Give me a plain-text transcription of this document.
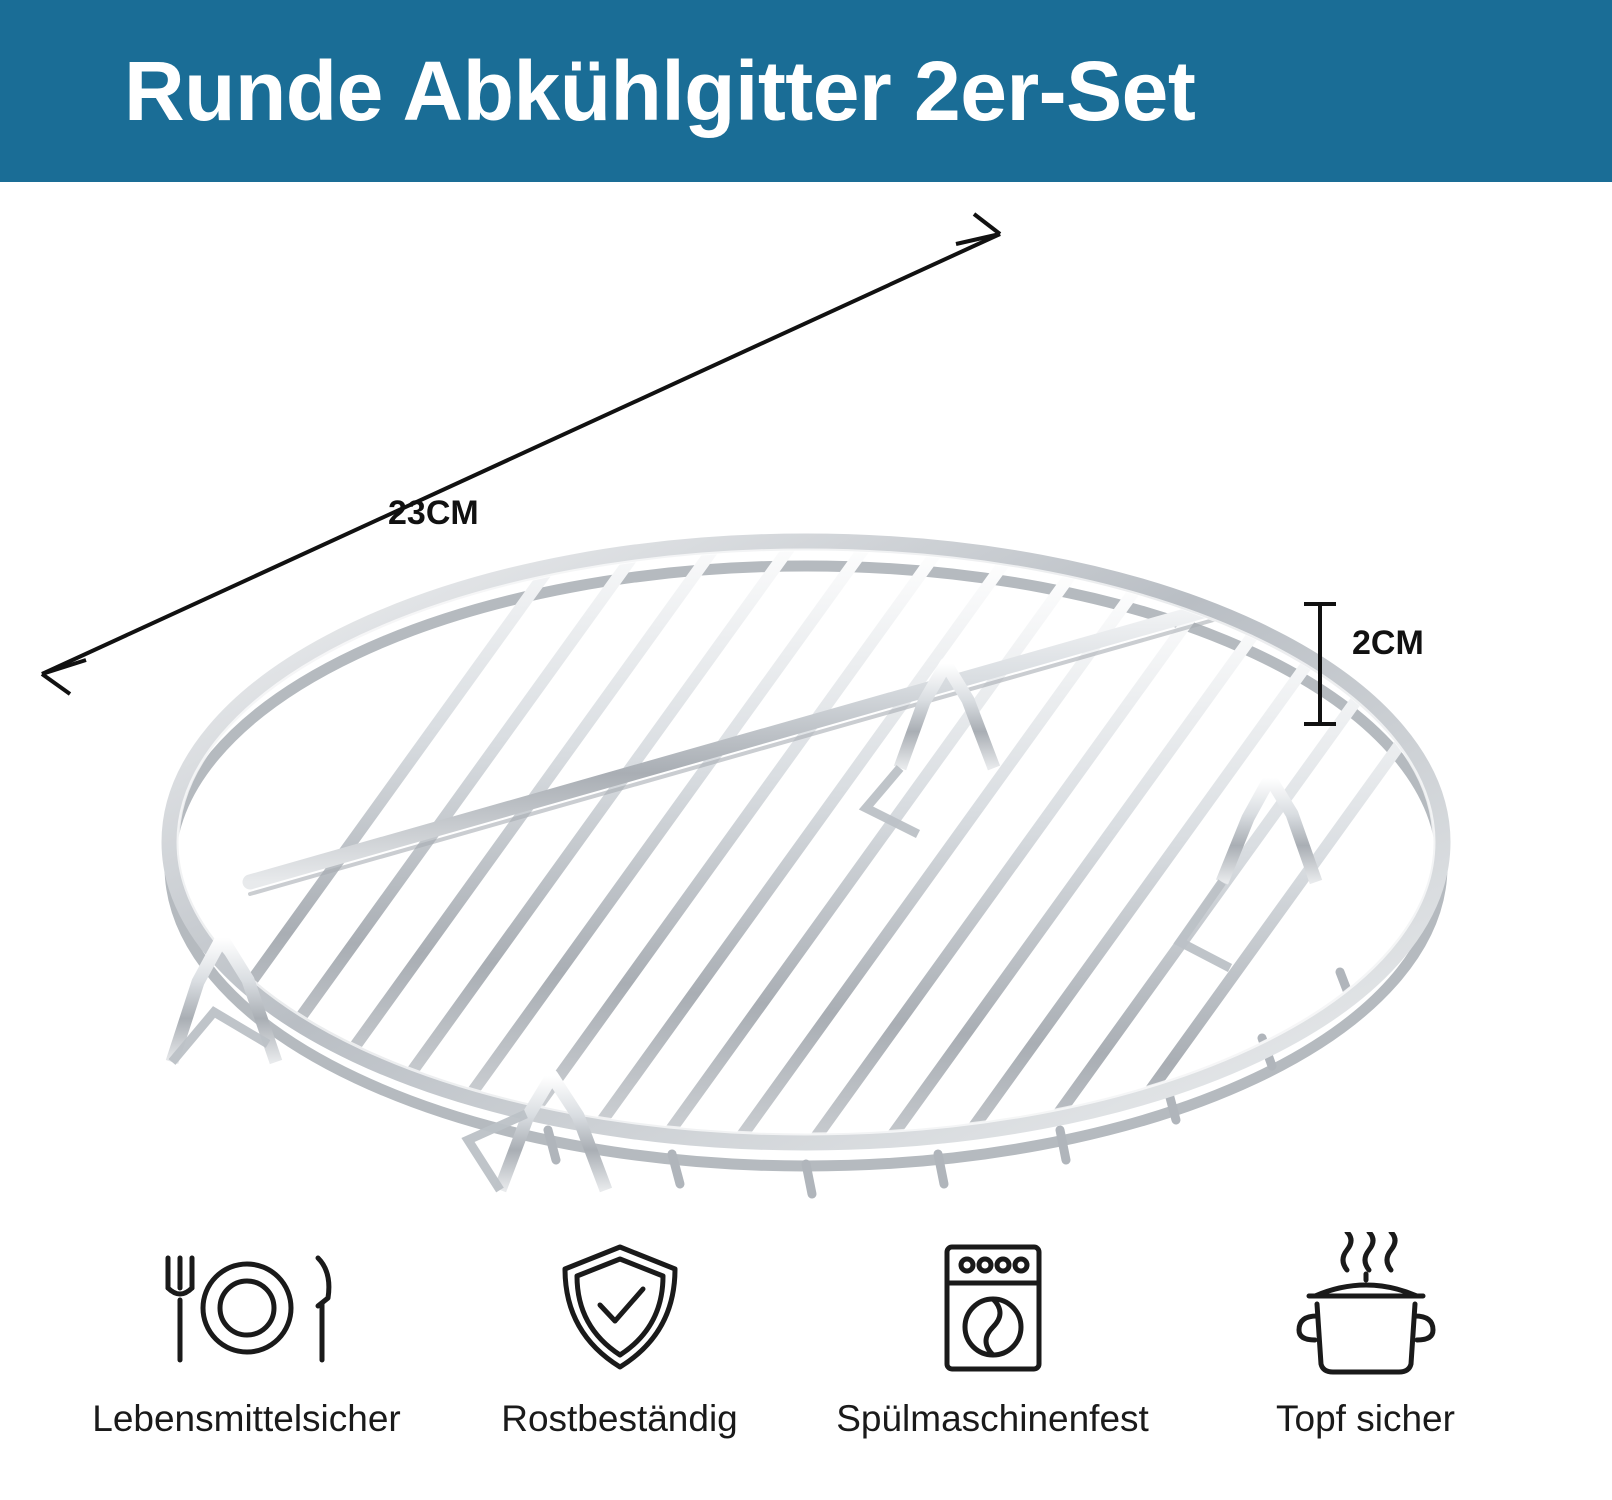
Runde Abkühlgitter 2er-Set
23CM
2CM
Lebensmittelsicher	Rostbeständig	Spülmaschinenfest	Topf sicher
